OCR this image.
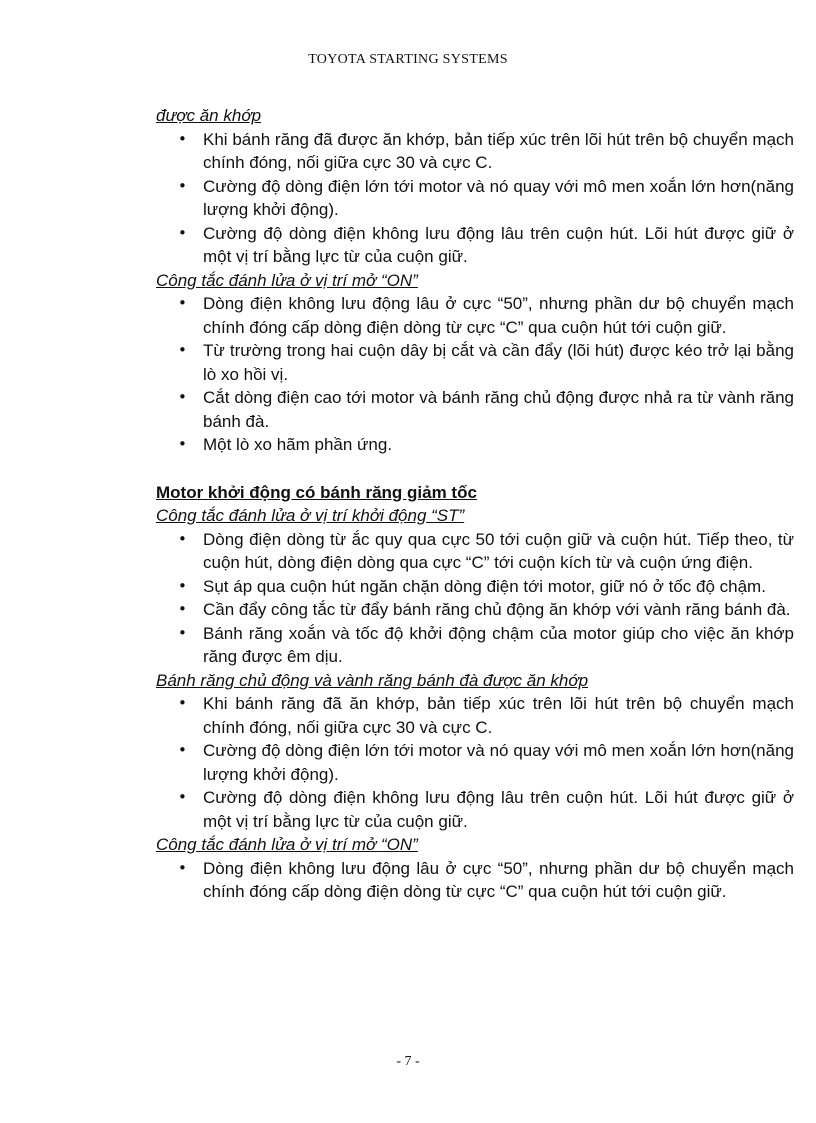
TOYOTA STARTING SYSTEMS

được ăn khớp

• Khi bánh răng đã được ăn khớp, bản tiếp xúc trên lõi hút trên bộ chuyển mạch chính đóng, nối giữa cực 30 và cực C.
• Cường độ dòng điện lớn tới motor và nó quay với mô men xoắn lớn hơn(năng lượng khởi động).
• Cường độ dòng điện không lưu động lâu trên cuộn hút. Lõi hút được giữ ở một vị trí bằng lực từ của cuộn giữ.

Công tắc đánh lửa ở vị trí mở “ON”

• Dòng điện không lưu động lâu ở cực “50”, nhưng phần dư bộ chuyển mạch chính đóng cấp dòng điện dòng từ cực “C” qua cuộn hút tới cuộn giữ.
• Từ trường trong hai cuộn dây bị cắt và cần đẩy (lõi hút) được kéo trở lại bằng lò xo hồi vị.
• Cắt dòng điện cao tới motor và bánh răng chủ động được nhả ra từ vành răng bánh đà.
• Một lò xo hãm phần ứng.

Motor khởi động có bánh răng giảm tốc

Công tắc đánh lửa ở vị trí khởi động “ST”

• Dòng điện dòng từ ắc quy qua cực 50 tới cuộn giữ và cuộn hút. Tiếp theo, từ cuộn hút, dòng điện dòng qua cực “C” tới cuộn kích từ và cuộn ứng điện.
• Sụt áp qua cuộn hút ngăn chặn dòng điện tới motor, giữ nó ở tốc độ chậm.
• Cần đẩy công tắc từ đẩy bánh răng chủ động ăn khớp với vành răng bánh đà.
• Bánh răng xoắn và tốc độ khởi động chậm của motor giúp cho việc ăn khớp răng được êm dịu.

Bánh răng chủ động và vành răng bánh đà được ăn khớp

• Khi bánh răng đã ăn khớp, bản tiếp xúc trên lõi hút trên bộ chuyển mạch chính đóng, nối giữa cực 30 và cực C.
• Cường độ dòng điện lớn tới motor và nó quay với mô men xoắn lớn hơn(năng lượng khởi động).
• Cường độ dòng điện không lưu động lâu trên cuộn hút. Lõi hút được giữ ở một vị trí bằng lực từ của cuộn giữ.

Công tắc đánh lửa ở vị trí mở “ON”

• Dòng điện không lưu động lâu ở cực “50”, nhưng phần dư bộ chuyển mạch chính đóng cấp dòng điện dòng từ cực “C” qua cuộn hút tới cuộn giữ.
- 7 -
